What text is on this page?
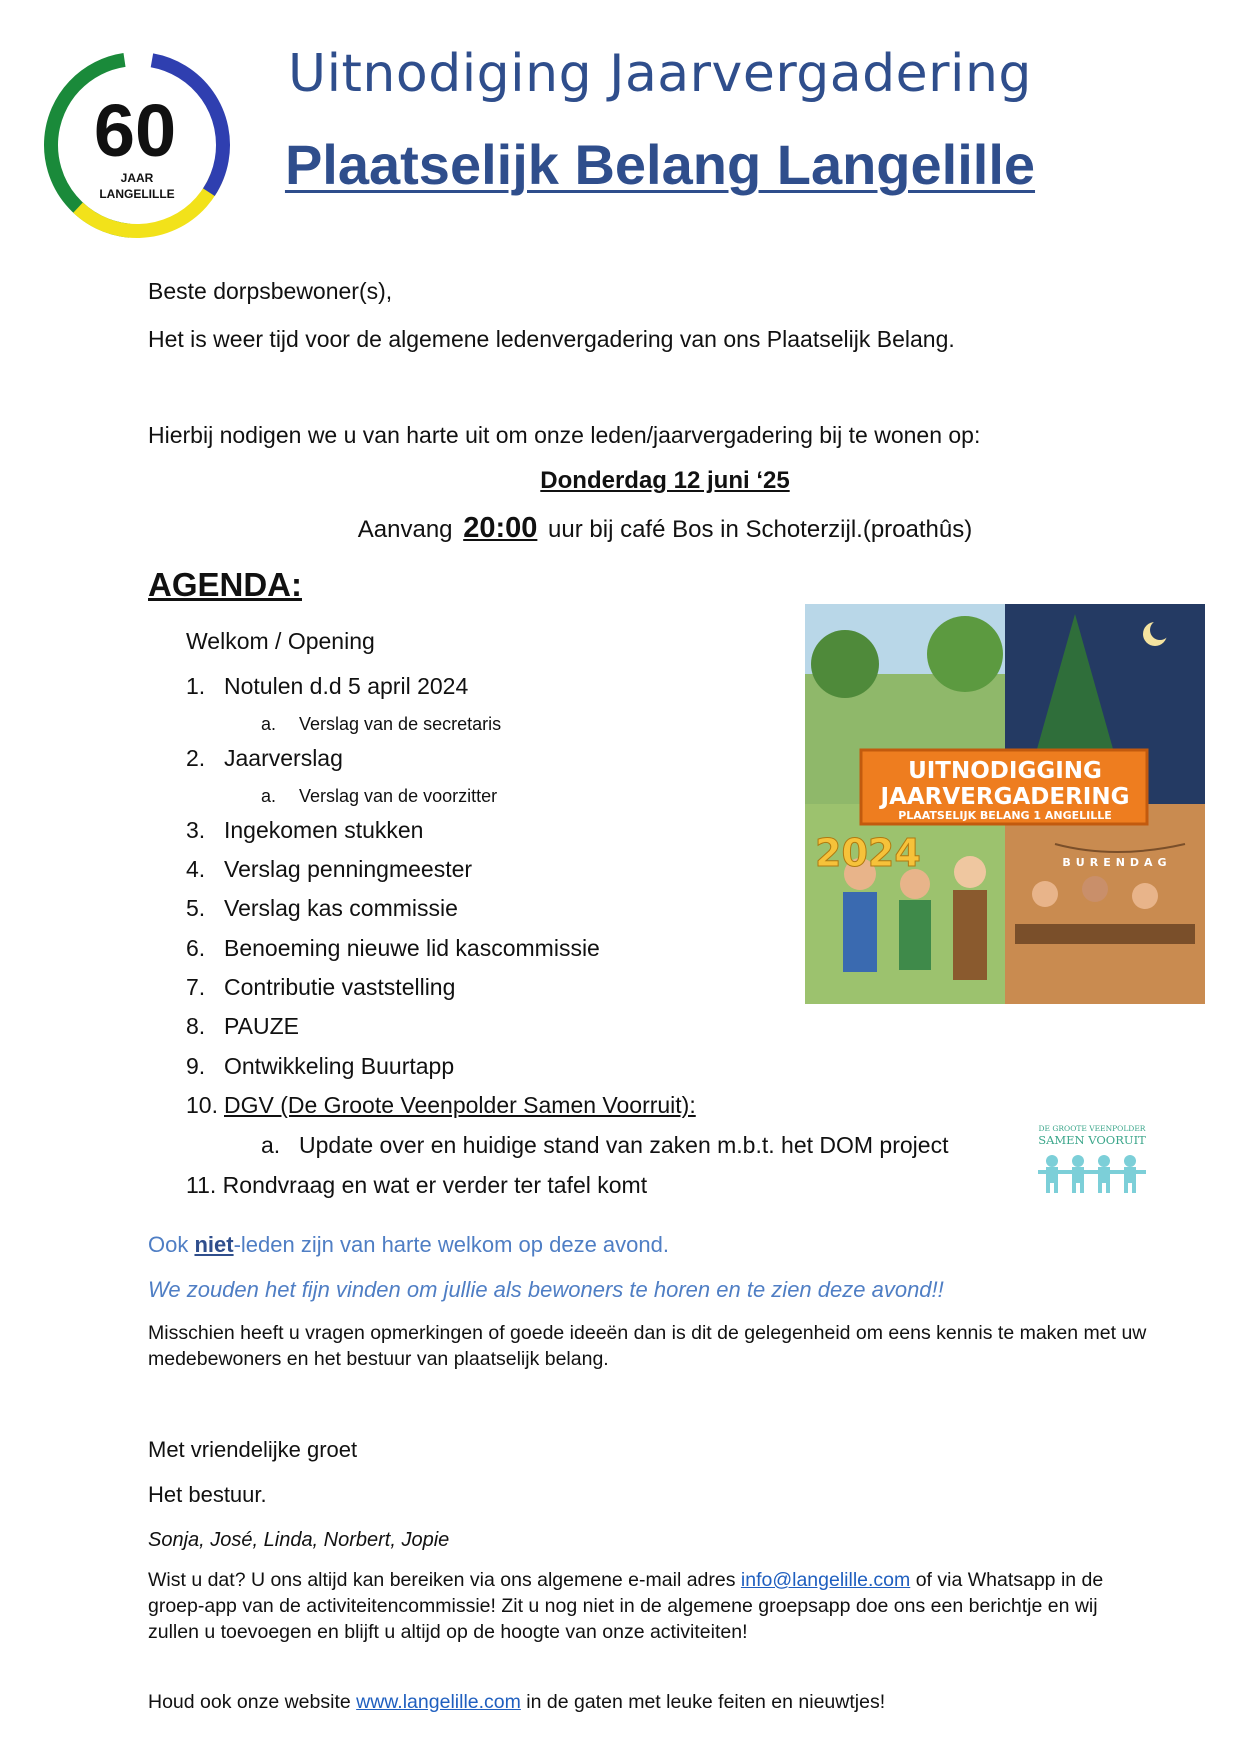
60
JAAR
LANGELILLE
Uitnodiging Jaarvergadering
Plaatselijk Belang Langelille
Beste dorpsbewoner(s),
Het is weer tijd voor de algemene ledenvergadering van ons Plaatselijk Belang.
Hierbij nodigen we u van harte uit om onze leden/jaarvergadering bij te wonen op:
Donderdag 12 juni ‘25
Aanvang 20:00 uur bij café Bos in Schoterzijl.(proathûs)
AGENDA:
Welkom / Opening
1. Notulen d.d 5 april 2024
a. Verslag van de secretaris
2. Jaarverslag
a. Verslag van de voorzitter
3. Ingekomen stukken
4. Verslag penningmeester
5. Verslag kas commissie
6. Benoeming nieuwe lid kascommissie
7. Contributie vaststelling
8. PAUZE
9. Ontwikkeling Buurtapp
10. DGV (De Groote Veenpolder Samen Voorruit):
a. Update over en huidige stand van zaken m.b.t. het DOM project
11. Rondvraag en wat er verder ter tafel komt
UITNODIGGING
JAARVERGADERING
PLAATSELIJK BELANG 1 ANGELILLE
2024	BURENDAG
DE GROOTE VEENPOLDER
SAMEN VOORUIT
Ook niet-leden zijn van harte welkom op deze avond.
We zouden het fijn vinden om jullie als bewoners te horen en te zien deze avond!!
Misschien heeft u vragen opmerkingen of goede ideeën dan is dit de gelegenheid om eens kennis te maken met uw medebewoners en het bestuur van plaatselijk belang.
Met vriendelijke groet
Het bestuur.
Sonja, José, Linda, Norbert, Jopie
Wist u dat? U ons altijd kan bereiken via ons algemene e-mail adres info@langelille.com of via Whatsapp in de groep-app van de activiteitencommissie! Zit u nog niet in de algemene groepsapp doe ons een berichtje en wij zullen u toevoegen en blijft u altijd op de hoogte van onze activiteiten!
Houd ook onze website www.langelille.com in de gaten met leuke feiten en nieuwtjes!
